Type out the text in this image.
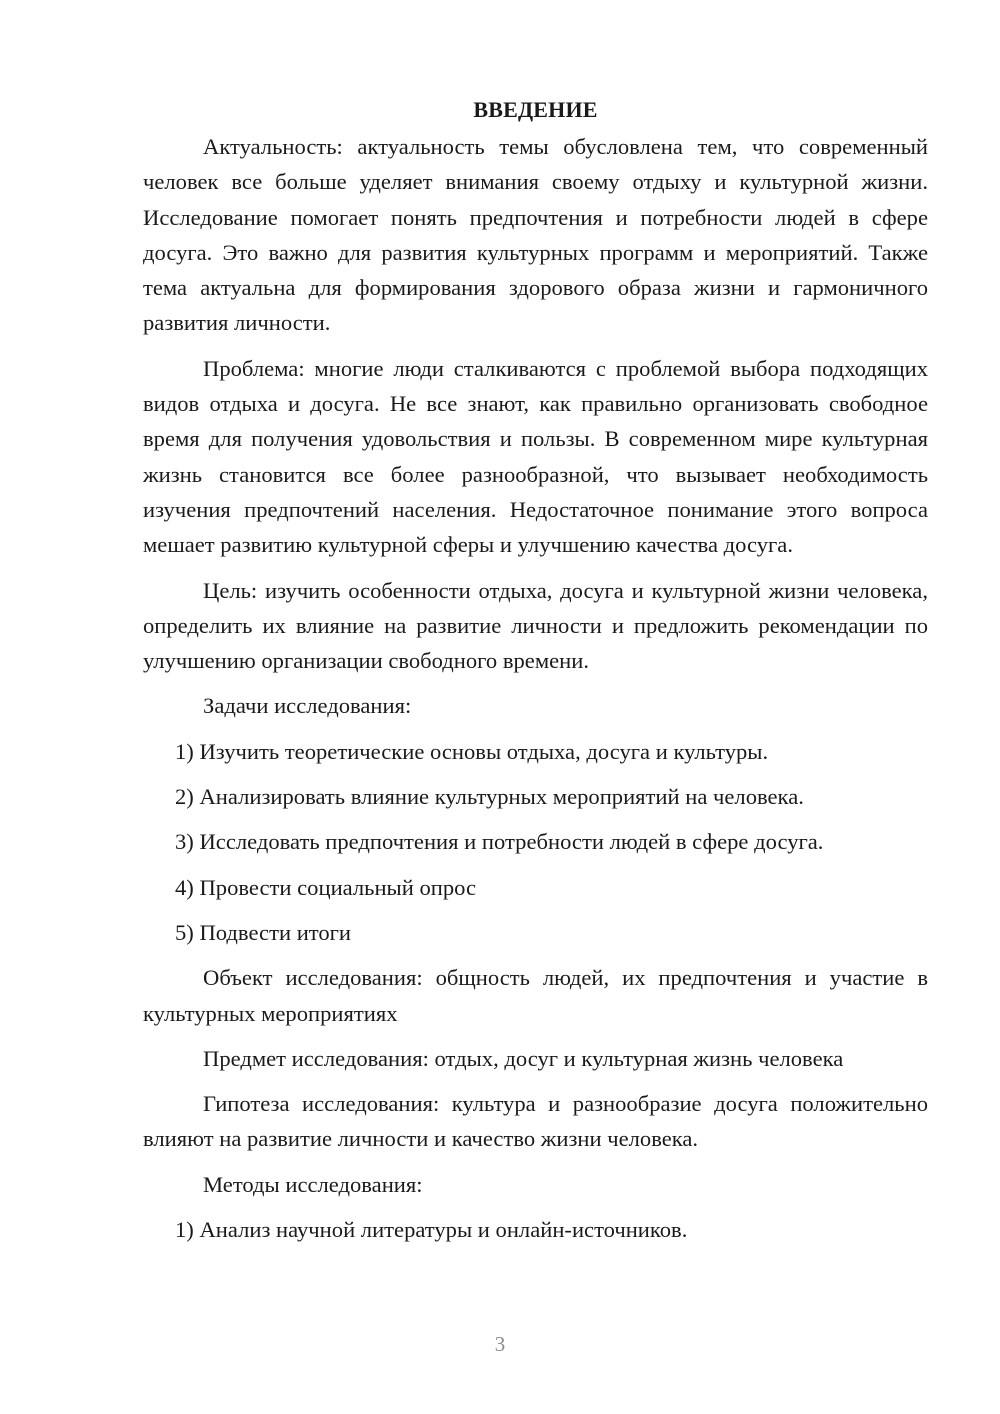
ВВЕДЕНИЕ

Актуальность: актуальность темы обусловлена тем, что современный человек все больше уделяет внимания своему отдыху и культурной жизни. Исследование помогает понять предпочтения и потребности людей в сфере досуга. Это важно для развития культурных программ и мероприятий. Также тема актуальна для формирования здорового образа жизни и гармоничного развития личности.

Проблема: многие люди сталкиваются с проблемой выбора подходящих видов отдыха и досуга. Не все знают, как правильно организовать свободное время для получения удовольствия и пользы. В современном мире культурная жизнь становится все более разнообразной, что вызывает необходимость изучения предпочтений населения. Недостаточное понимание этого вопроса мешает развитию культурной сферы и улучшению качества досуга.

Цель: изучить особенности отдыха, досуга и культурной жизни человека, определить их влияние на развитие личности и предложить рекомендации по улучшению организации свободного времени.

Задачи исследования:

1) Изучить теоретические основы отдыха, досуга и культуры.

2) Анализировать влияние культурных мероприятий на человека.

3) Исследовать предпочтения и потребности людей в сфере досуга.

4) Провести социальный опрос

5) Подвести итоги

Объект исследования: общность людей, их предпочтения и участие в культурных мероприятиях

Предмет исследования: отдых, досуг и культурная жизнь человека

Гипотеза исследования: культура и разнообразие досуга положительно влияют на развитие личности и качество жизни человека.

Методы исследования:

1) Анализ научной литературы и онлайн-источников.

3
